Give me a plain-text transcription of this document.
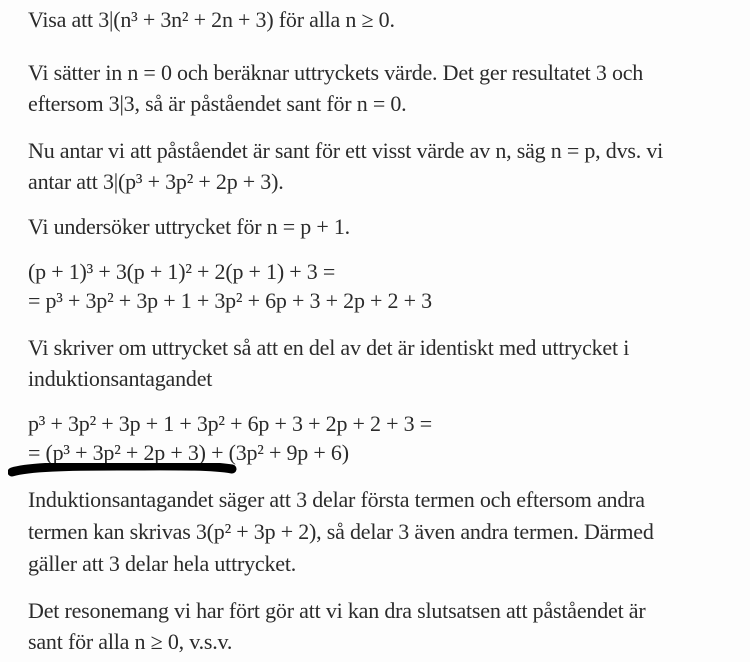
Visa att 3|(n³ + 3n² + 2n + 3) för alla n ≥ 0.
Vi sätter in n = 0 och beräknar uttryckets värde. Det ger resultatet 3 och
eftersom 3|3, så är påståendet sant för n = 0.
Nu antar vi att påståendet är sant för ett visst värde av n, säg n = p, dvs. vi
antar att 3|(p³ + 3p² + 2p + 3).
Vi undersöker uttrycket för n = p + 1.
(p + 1)³ + 3(p + 1)² + 2(p + 1) + 3 =
= p³ + 3p² + 3p + 1 + 3p² + 6p + 3 + 2p + 2 + 3
Vi skriver om uttrycket så att en del av det är identiskt med uttrycket i
induktionsantagandet
p³ + 3p² + 3p + 1 + 3p² + 6p + 3 + 2p + 2 + 3 =
= (p³ + 3p² + 2p + 3) + (3p² + 9p + 6)
Induktionsantagandet säger att 3 delar första termen och eftersom andra
termen kan skrivas 3(p² + 3p + 2), så delar 3 även andra termen. Därmed
gäller att 3 delar hela uttrycket.
Det resonemang vi har fört gör att vi kan dra slutsatsen att påståendet är
sant för alla n ≥ 0, v.s.v.
